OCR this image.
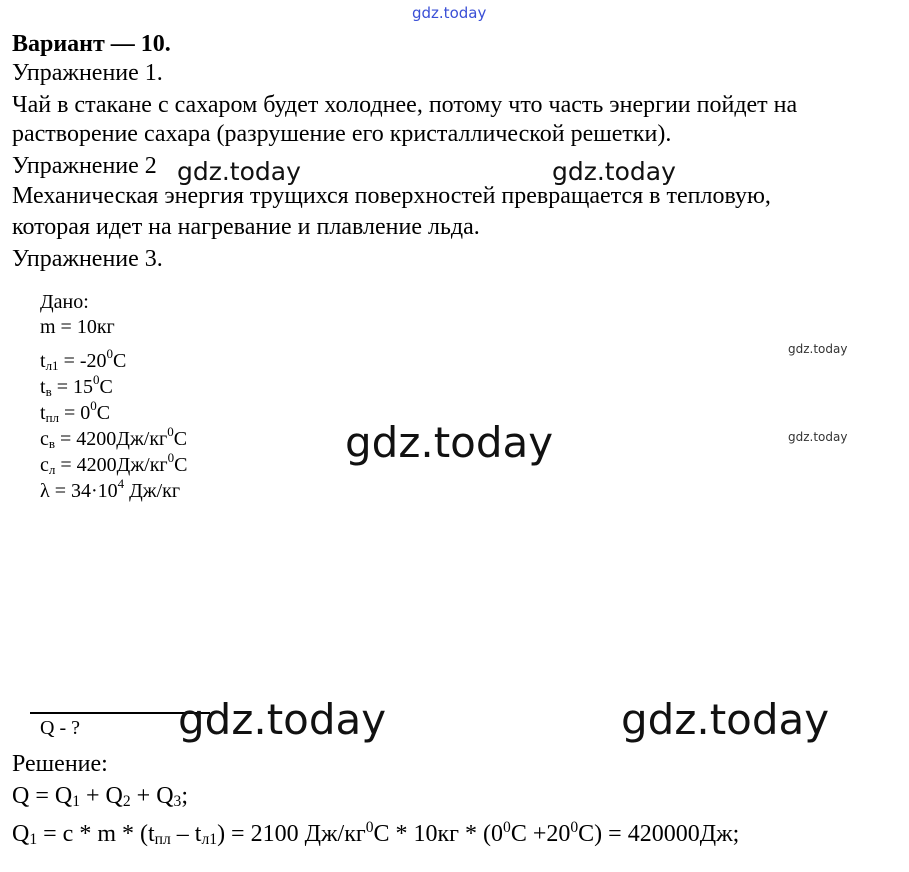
Вариант — 10.
Упражнение 1.
Чай в стакане с сахаром будет холоднее, потому что часть энергии пойдет на
растворение сахара (разрушение его кристаллической решетки).
Упражнение 2
Механическая энергия трущихся поверхностей превращается в тепловую,
которая идет на нагревание и плавление льда.
Упражнение 3.
Дано:
m = 10кг
$t_{л1} = -20^0С$
$t_в = 15^0С$
$t_{пл} = 0^0С$
$c_в = 4200Дж/кг^0С$
$c_л = 4200Дж/кг^0С$
$\lambda = 34\cdot 10^4$ Дж/кг
Q - ?
Решение:
$Q = Q_1 + Q_2 + Q_3$;
$Q_1 = c * m * (t_{пл} - t_{л1}) = 2100$ $Дж/кг^0С * 10кг * (0^0С +20^0С) = 420000Дж$;
gdz.today
gdz.today	gdz.today
gdz.today
gdz.today
gdz.today
gdz.today	gdz.today
